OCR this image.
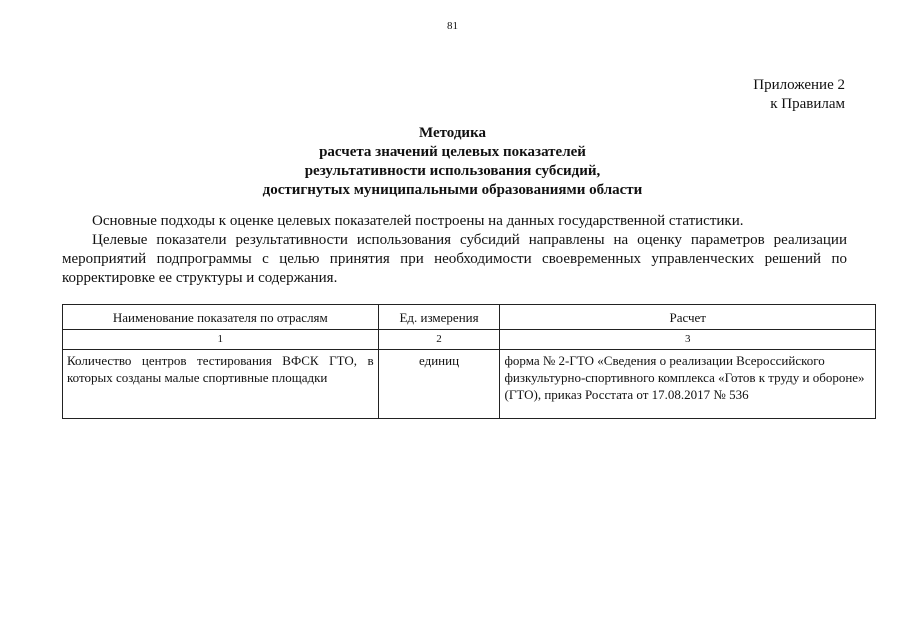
81
Приложение 2
к Правилам
Методика
расчета значений целевых показателей
результативности использования субсидий,
достигнутых муниципальными образованиями области

Основные подходы к оценке целевых показателей построены на данных государственной статистики.

Целевые показатели результативности использования субсидий направлены на оценку параметров реализации мероприятий подпрограммы с целью принятия при необходимости своевременных управленческих решений по корректировке ее структуры и содержания.

Наименование показателя по отраслям	Ед. измерения	Расчет
1	2	3
Количество центров тестирования ВФСК ГТО, в которых созданы малые спортивные площадки	единиц	форма № 2-ГТО «Сведения о реализации Всероссийского физкультурно-спортивного комплекса «Готов к труду и обороне» (ГТО), приказ Росстата от 17.08.2017 № 536
